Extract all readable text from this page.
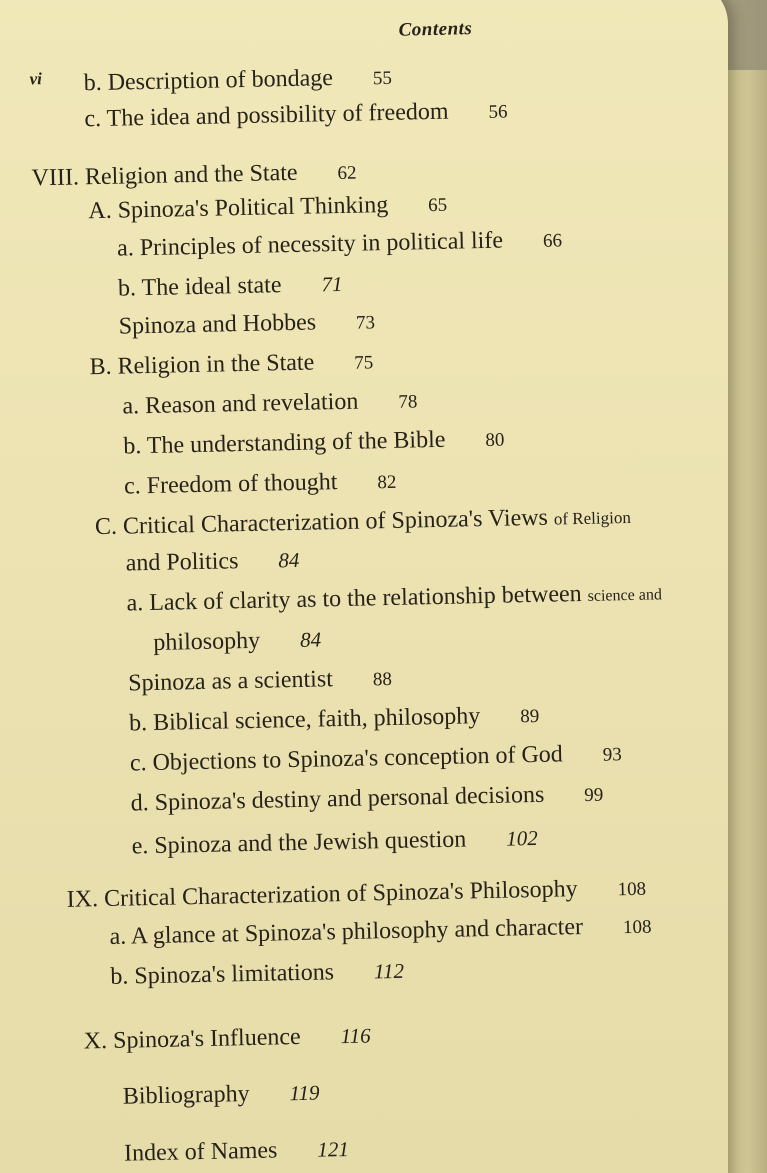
Contents
vi b. Description of bondage 55
c. The idea and possibility of freedom 56
VIII. Religion and the State 62
A. Spinoza's Political Thinking 65
a. Principles of necessity in political life 66
b. The ideal state 71
Spinoza and Hobbes 73
B. Religion in the State 75
a. Reason and revelation 78
b. The understanding of the Bible 80
c. Freedom of thought 82
C. Critical Characterization of Spinoza's Views of Religion
and Politics 84
a. Lack of clarity as to the relationship between science and
philosophy 84
Spinoza as a scientist 88
b. Biblical science, faith, philosophy 89
c. Objections to Spinoza's conception of God 93
d. Spinoza's destiny and personal decisions 99
e. Spinoza and the Jewish question 102
IX. Critical Characterization of Spinoza's Philosophy 108
a. A glance at Spinoza's philosophy and character 108
b. Spinoza's limitations 112
X. Spinoza's Influence 116
Bibliography 119
Index of Names 121
